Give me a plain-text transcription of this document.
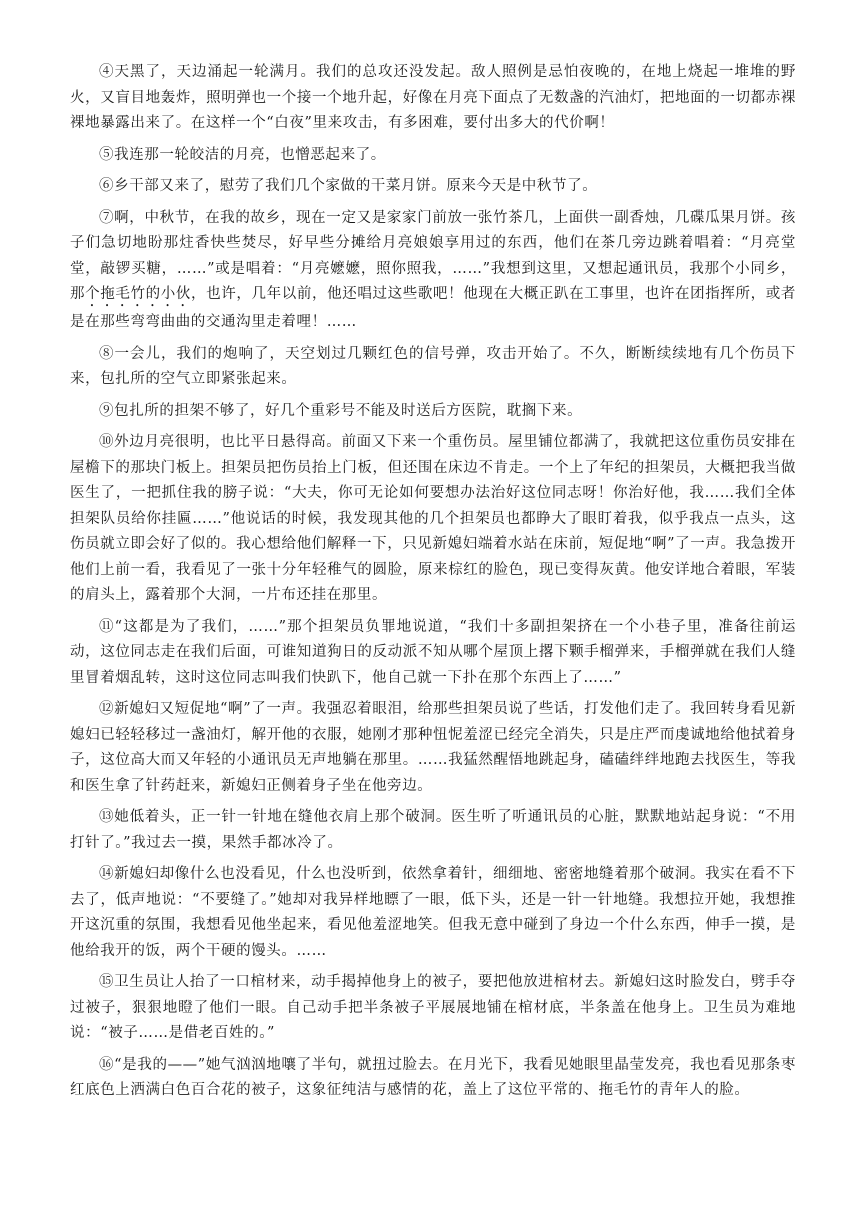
④天黑了，天边涌起一轮满月。我们的总攻还没发起。敌人照例是忌怕夜晚的，在地上烧起一堆堆的野火，又盲目地轰炸，照明弹也一个接一个地升起，好像在月亮下面点了无数盏的汽油灯，把地面的一切都赤裸裸地暴露出来了。在这样一个“白夜”里来攻击，有多困难，要付出多大的代价啊！

⑤我连那一轮皎洁的月亮，也憎恶起来了。

⑥乡干部又来了，慰劳了我们几个家做的干菜月饼。原来今天是中秋节了。

⑦啊，中秋节，在我的故乡，现在一定又是家家门前放一张竹茶几，上面供一副香烛，几碟瓜果月饼。孩子们急切地盼那炷香快些焚尽，好早些分摊给月亮娘娘享用过的东西，他们在茶几旁边跳着唱着：“月亮堂堂，敲锣买糖，……”或是唱着：“月亮嬷嬷，照你照我，……”我想到这里，又想起通讯员，我那个小同乡，那个拖毛竹的小伙，也许，几年以前，他还唱过这些歌吧！他现在大概正趴在工事里，也许在团指挥所，或者是在那些弯弯曲曲的交通沟里走着哩！……

⑧一会儿，我们的炮响了，天空划过几颗红色的信号弹，攻击开始了。不久，断断续续地有几个伤员下来，包扎所的空气立即紧张起来。

⑨包扎所的担架不够了，好几个重彩号不能及时送后方医院，耽搁下来。

⑩外边月亮很明，也比平日悬得高。前面又下来一个重伤员。屋里铺位都满了，我就把这位重伤员安排在屋檐下的那块门板上。担架员把伤员抬上门板，但还围在床边不肯走。一个上了年纪的担架员，大概把我当做医生了，一把抓住我的膀子说：“大夫，你可无论如何要想办法治好这位同志呀！你治好他，我……我们全体担架队员给你挂匾……”他说话的时候，我发现其他的几个担架员也都睁大了眼盯着我，似乎我点一点头，这伤员就立即会好了似的。我心想给他们解释一下，只见新媳妇端着水站在床前，短促地“啊”了一声。我急拨开他们上前一看，我看见了一张十分年轻稚气的圆脸，原来棕红的脸色，现已变得灰黄。他安详地合着眼，军装的肩头上，露着那个大洞，一片布还挂在那里。

⑪“这都是为了我们，……”那个担架员负罪地说道，“我们十多副担架挤在一个小巷子里，准备往前运动，这位同志走在我们后面，可谁知道狗日的反动派不知从哪个屋顶上撂下颗手榴弹来，手榴弹就在我们人缝里冒着烟乱转，这时这位同志叫我们快趴下，他自己就一下扑在那个东西上了……”

⑫新媳妇又短促地“啊”了一声。我强忍着眼泪，给那些担架员说了些话，打发他们走了。我回转身看见新媳妇已轻轻移过一盏油灯，解开他的衣服，她刚才那种忸怩羞涩已经完全消失，只是庄严而虔诚地给他拭着身子，这位高大而又年轻的小通讯员无声地躺在那里。……我猛然醒悟地跳起身，磕磕绊绊地跑去找医生，等我和医生拿了针药赶来，新媳妇正侧着身子坐在他旁边。

⑬她低着头，正一针一针地在缝他衣肩上那个破洞。医生听了听通讯员的心脏，默默地站起身说：“不用打针了。”我过去一摸，果然手都冰冷了。

⑭新媳妇却像什么也没看见，什么也没听到，依然拿着针，细细地、密密地缝着那个破洞。我实在看不下去了，低声地说：“不要缝了。”她却对我异样地瞟了一眼，低下头，还是一针一针地缝。我想拉开她，我想推开这沉重的氛围，我想看见他坐起来，看见他羞涩地笑。但我无意中碰到了身边一个什么东西，伸手一摸，是他给我开的饭，两个干硬的馒头。……

⑮卫生员让人抬了一口棺材来，动手揭掉他身上的被子，要把他放进棺材去。新媳妇这时脸发白，劈手夺过被子，狠狠地瞪了他们一眼。自己动手把半条被子平展展地铺在棺材底，半条盖在他身上。卫生员为难地说：“被子……是借老百姓的。”

⑯“是我的——”她气汹汹地嚷了半句，就扭过脸去。在月光下，我看见她眼里晶莹发亮，我也看见那条枣红底色上洒满白色百合花的被子，这象征纯洁与感情的花，盖上了这位平常的、拖毛竹的青年人的脸。
